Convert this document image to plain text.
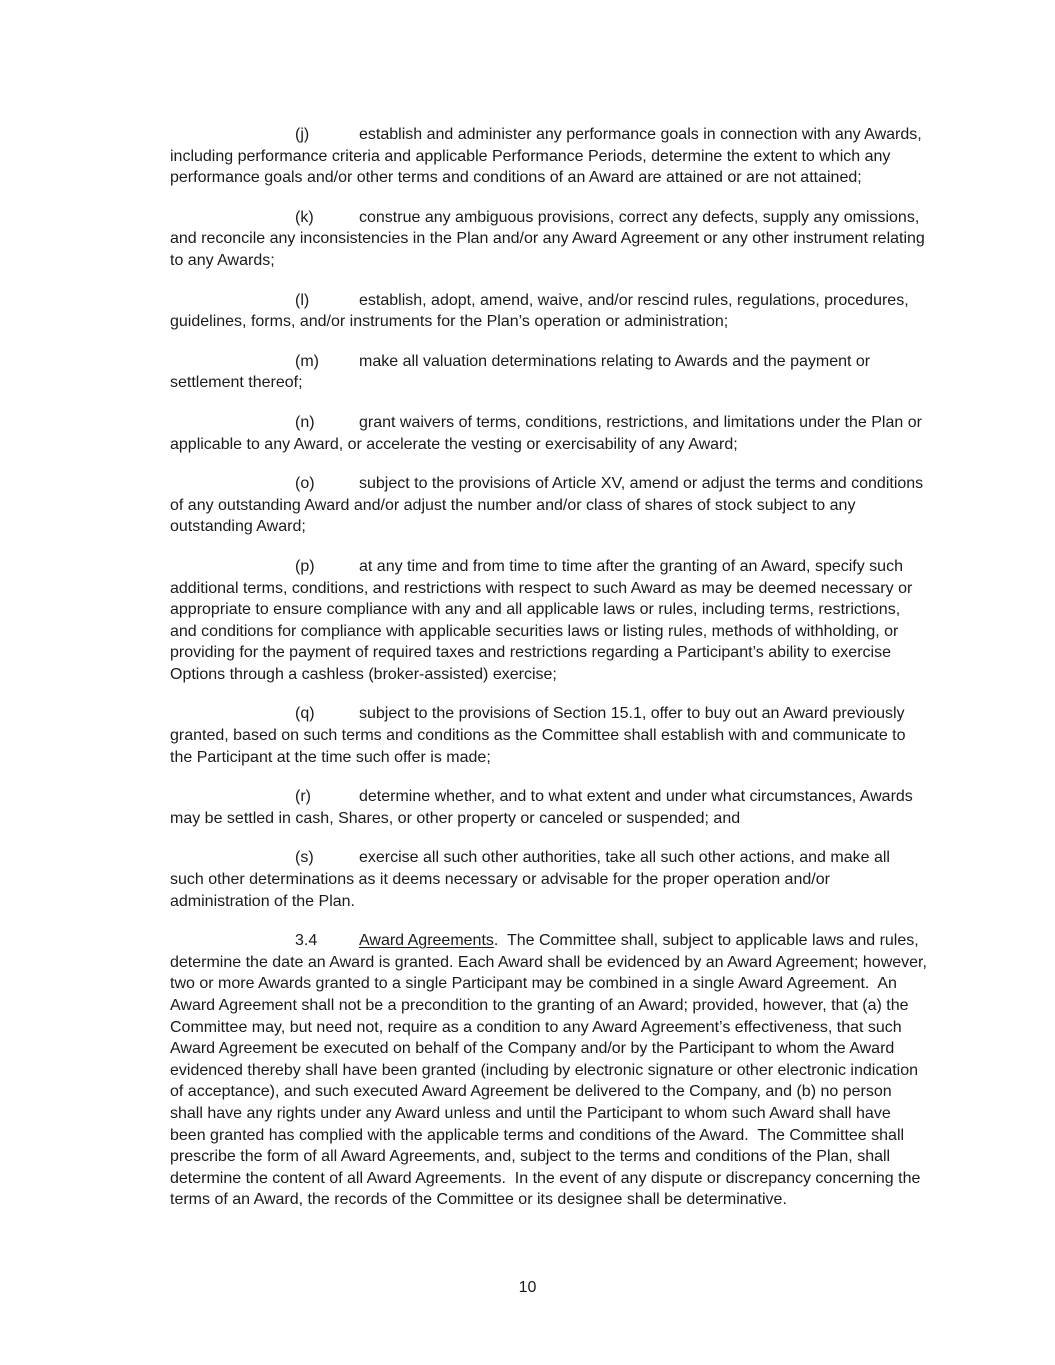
(j)	establish and administer any performance goals in connection with any Awards, including performance criteria and applicable Performance Periods, determine the extent to which any performance goals and/or other terms and conditions of an Award are attained or are not attained;

(k)	construe any ambiguous provisions, correct any defects, supply any omissions, and reconcile any inconsistencies in the Plan and/or any Award Agreement or any other instrument relating to any Awards;

(l)	establish, adopt, amend, waive, and/or rescind rules, regulations, procedures, guidelines, forms, and/or instruments for the Plan’s operation or administration;

(m)	make all valuation determinations relating to Awards and the payment or settlement thereof;

(n)	grant waivers of terms, conditions, restrictions, and limitations under the Plan or applicable to any Award, or accelerate the vesting or exercisability of any Award;

(o)	subject to the provisions of Article XV, amend or adjust the terms and conditions of any outstanding Award and/or adjust the number and/or class of shares of stock subject to any outstanding Award;

(p)	at any time and from time to time after the granting of an Award, specify such additional terms, conditions, and restrictions with respect to such Award as may be deemed necessary or appropriate to ensure compliance with any and all applicable laws or rules, including terms, restrictions, and conditions for compliance with applicable securities laws or listing rules, methods of withholding, or providing for the payment of required taxes and restrictions regarding a Participant’s ability to exercise Options through a cashless (broker-assisted) exercise;

(q)	subject to the provisions of Section 15.1, offer to buy out an Award previously granted, based on such terms and conditions as the Committee shall establish with and communicate to the Participant at the time such offer is made;

(r)	determine whether, and to what extent and under what circumstances, Awards may be settled in cash, Shares, or other property or canceled or suspended; and

(s)	exercise all such other authorities, take all such other actions, and make all such other determinations as it deems necessary or advisable for the proper operation and/or administration of the Plan.

3.4	Award Agreements.  The Committee shall, subject to applicable laws and rules, determine the date an Award is granted. Each Award shall be evidenced by an Award Agreement; however, two or more Awards granted to a single Participant may be combined in a single Award Agreement.  An Award Agreement shall not be a precondition to the granting of an Award; provided, however, that (a) the Committee may, but need not, require as a condition to any Award Agreement’s effectiveness, that such Award Agreement be executed on behalf of the Company and/or by the Participant to whom the Award evidenced thereby shall have been granted (including by electronic signature or other electronic indication of acceptance), and such executed Award Agreement be delivered to the Company, and (b) no person shall have any rights under any Award unless and until the Participant to whom such Award shall have been granted has complied with the applicable terms and conditions of the Award.  The Committee shall prescribe the form of all Award Agreements, and, subject to the terms and conditions of the Plan, shall determine the content of all Award Agreements.  In the event of any dispute or discrepancy concerning the terms of an Award, the records of the Committee or its designee shall be determinative.

10
